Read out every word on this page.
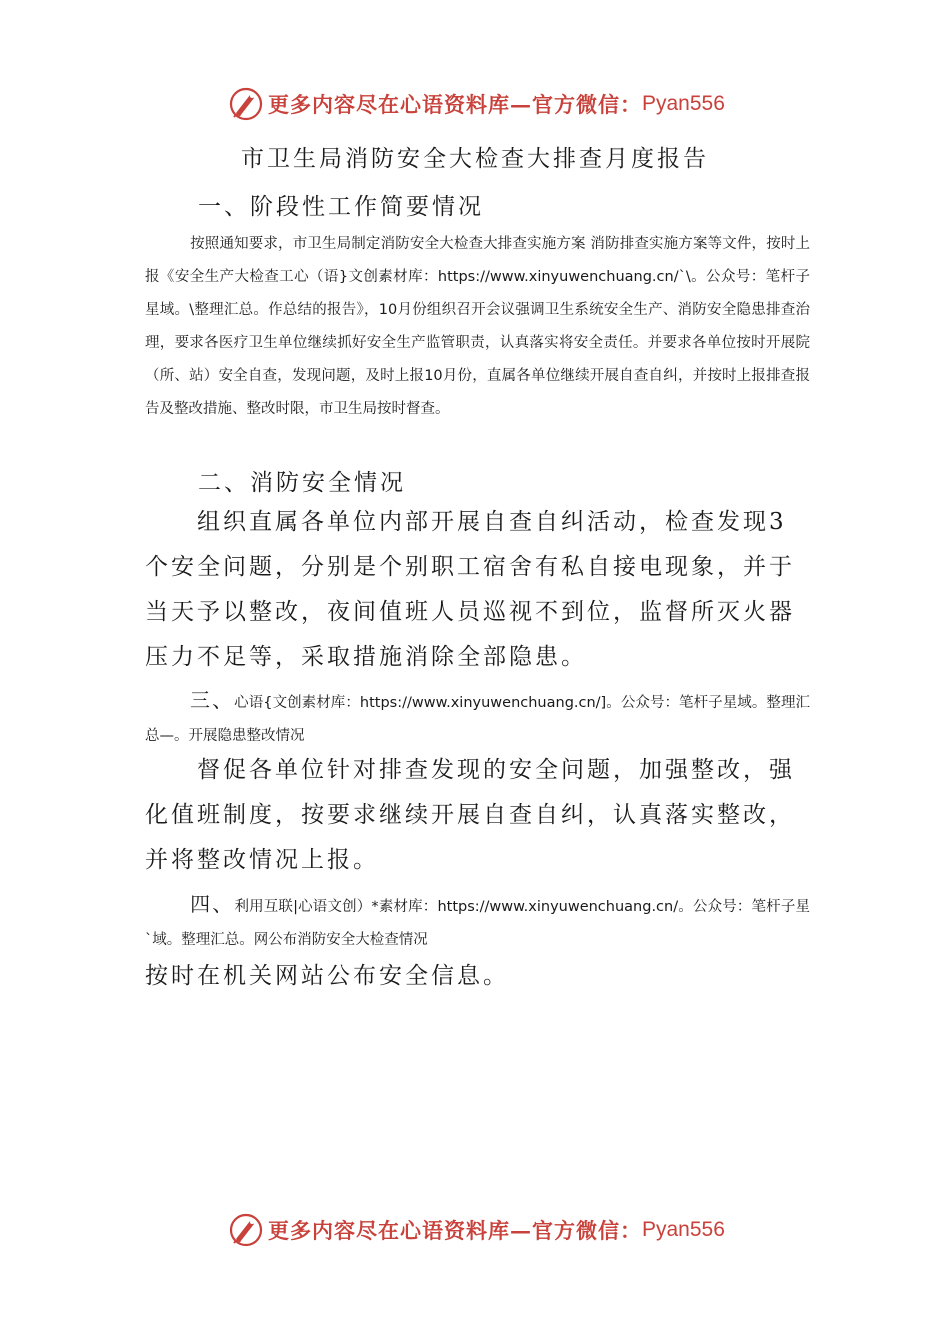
更多内容尽在心语资料库— 官方微信： Pyan556
市卫生局消防安全大检查大排查月度报告
一、阶段性工作简要情况
按照通知要求，市卫生局制定消防安全大检查大排查实施方案 消防排查实施方案等文件，按时上报《安全生产大检查工心（语}文创素材库：https://www.xinyuwenchuang.cn/`\。公众号：笔杆子星域。\整理汇总。作总结的报告》，10月份组织召开会议强调卫生系统安全生产、消防安全隐患排查治理，要求各医疗卫生单位继续抓好安全生产监管职责，认真落实将安全责任。并要求各单位按时开展院（所、站）安全自查，发现问题，及时上报10月份，直属各单位继续开展自查自纠，并按时上报排查报告及整改措施、整改时限，市卫生局按时督查。
二、消防安全情况
组织直属各单位内部开展自查自纠活动，检查发现3个安全问题，分别是个别职工宿舍有私自接电现象，并于当天予以整改，夜间值班人员巡视不到位，监督所灭火器压力不足等，采取措施消除全部隐患。
三、心语{文创素材库：https://www.xinyuwenchuang.cn/]。公众号：笔杆子星域。整理汇总—。开展隐患整改情况
督促各单位针对排查发现的安全问题，加强整改，强化值班制度，按要求继续开展自查自纠，认真落实整改，并将整改情况上报。
四、利用互联|心语文创）*素材库：https://www.xinyuwenchuang.cn/。公众号：笔杆子星`域。整理汇总。网公布消防安全大检查情况
按时在机关网站公布安全信息。
更多内容尽在心语资料库— 官方微信： Pyan556
